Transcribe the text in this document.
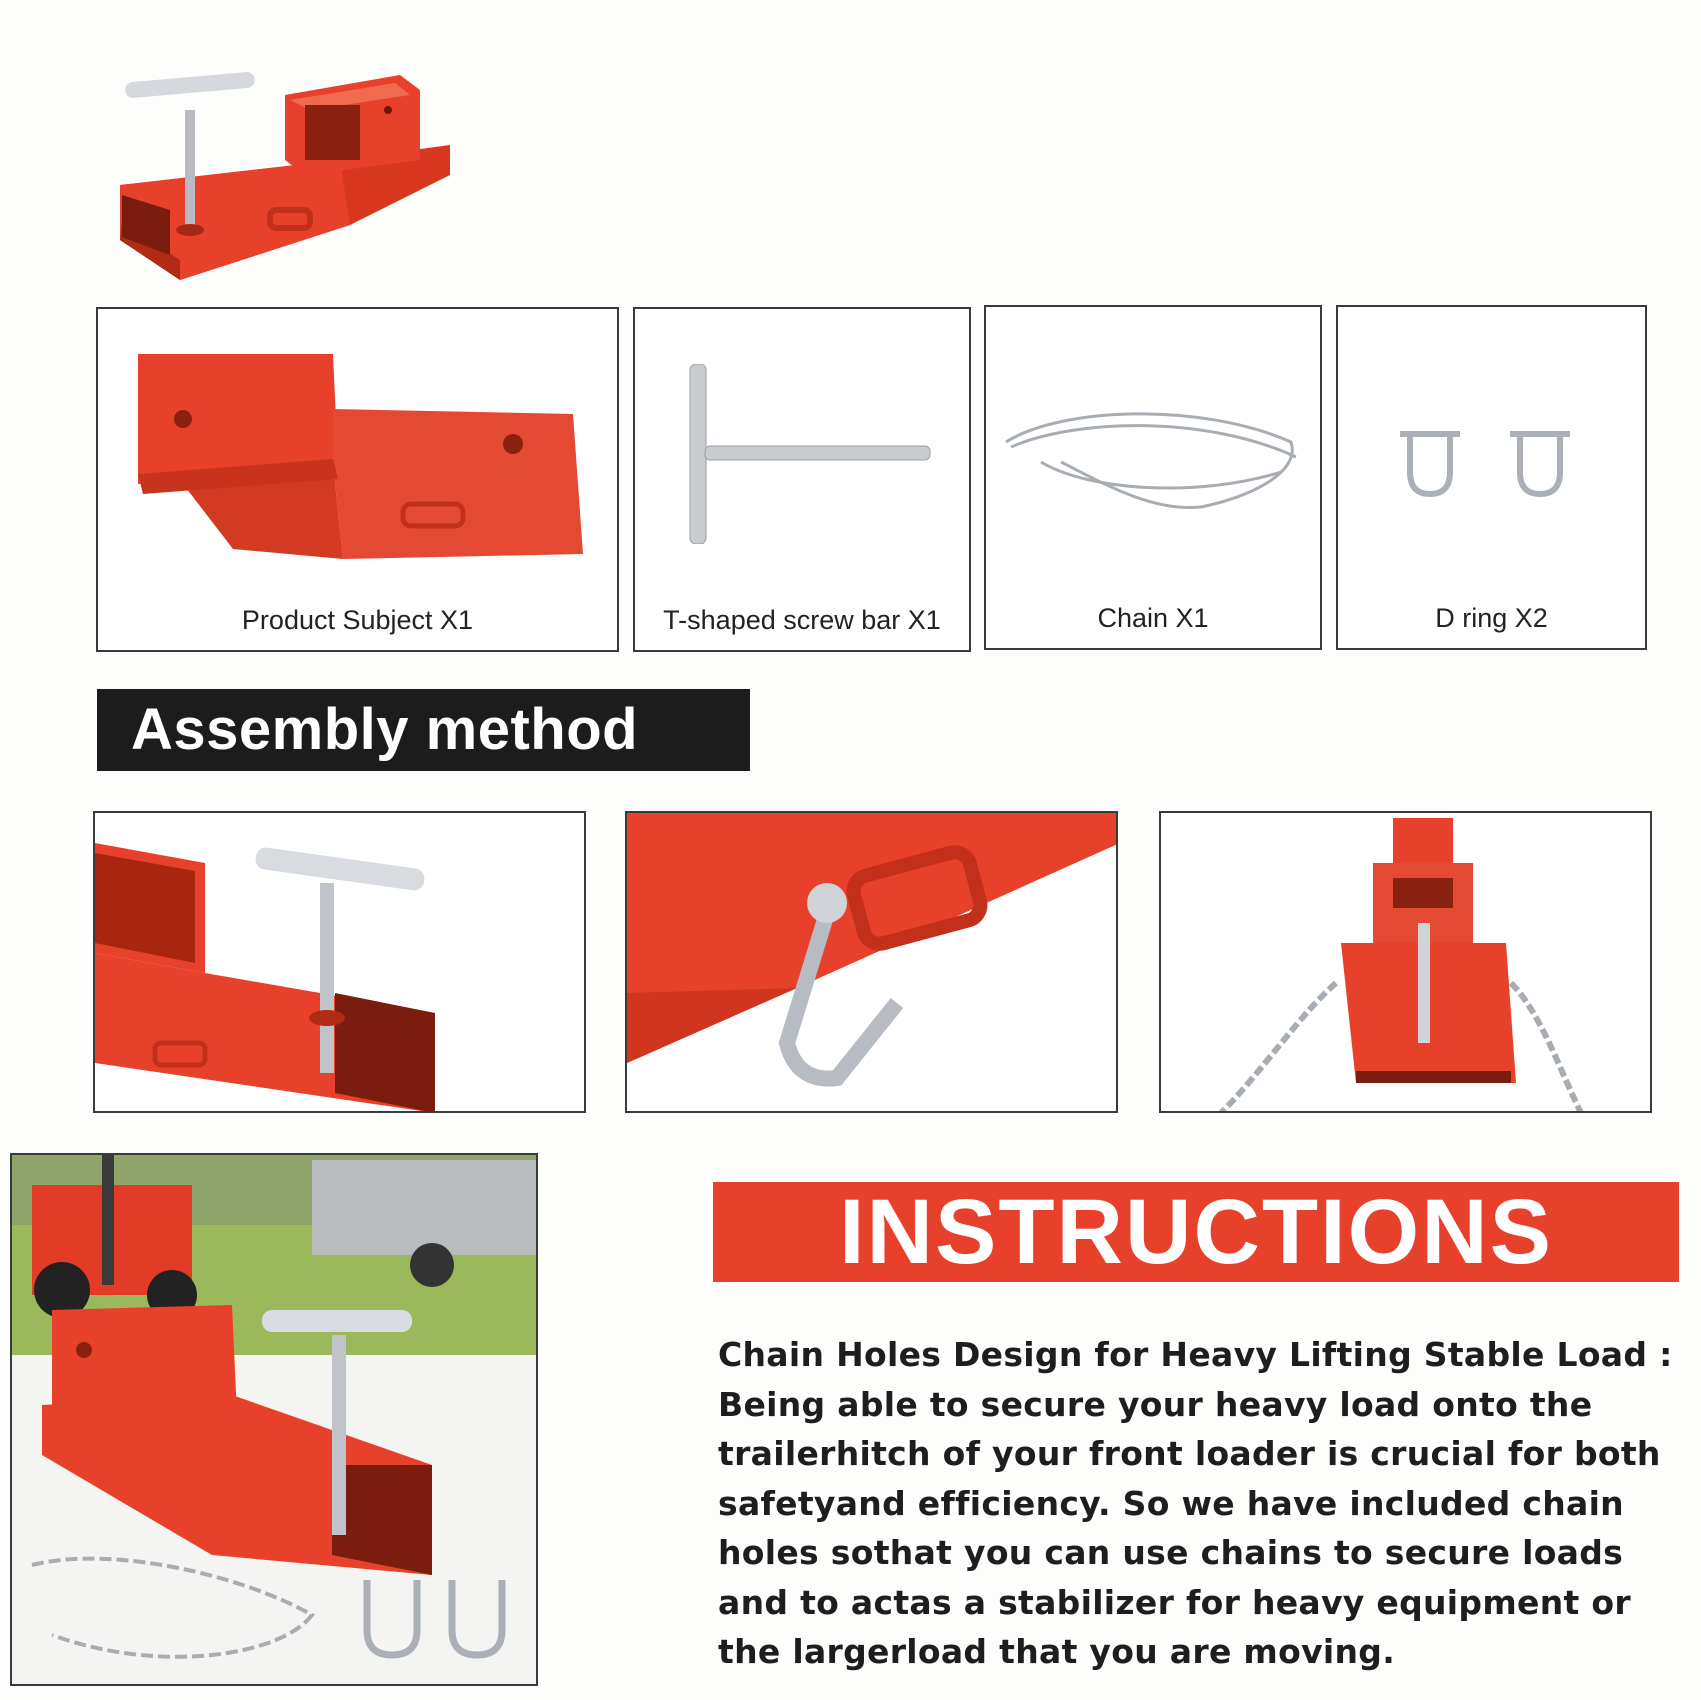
Product Subject X1	T-shaped screw bar X1	Chain X1	D ring X2
Assembly method
INSTRUCTIONS
Chain Holes Design for Heavy Lifting Stable Load :
Being able to secure your heavy load onto the
trailerhitch of your front loader is crucial for both
safetyand efficiency. So we have included chain
holes sothat you can use chains to secure loads
and to actas a stabilizer for heavy equipment or
the largerload that you are moving.
